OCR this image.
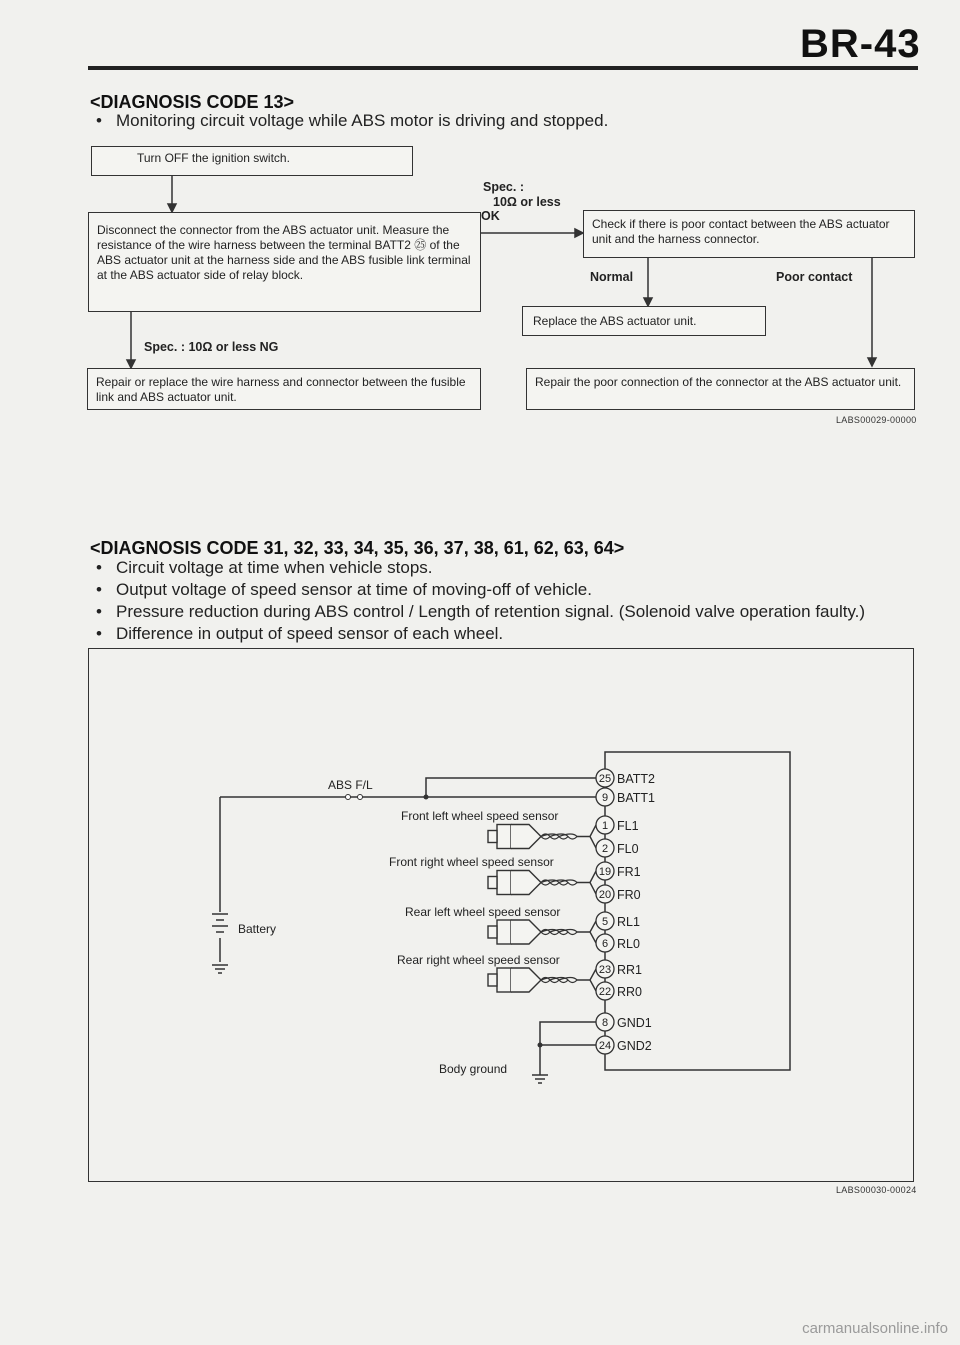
BR-43
<DIAGNOSIS CODE 13>
• Monitoring circuit voltage while ABS motor is driving and stopped.
Turn OFF the ignition switch.
Disconnect the connector from the ABS actuator unit. Measure the resistance of the wire harness between the terminal BATT2 ㉕ of the ABS actuator unit at the harness side and the ABS fusible link terminal at the ABS actuator side of relay block.
Spec. :
10Ω or less
OK
Check if there is poor contact between the ABS actuator unit and the harness connector.
Normal	Poor contact
Replace the ABS actuator unit.
Spec. : 10Ω or less NG
Repair or replace the wire harness and connector between the fusible link and ABS actuator unit.
Repair the poor connection of the connector at the ABS actuator unit.
LABS00029-00000
<DIAGNOSIS CODE 31, 32, 33, 34, 35, 36, 37, 38, 61, 62, 63, 64>
• Circuit voltage at time when vehicle stops.
• Output voltage of speed sensor at time of moving-off of vehicle.
• Pressure reduction during ABS control / Length of retention signal. (Solenoid valve operation faulty.)
• Difference in output of speed sensor of each wheel.
Front left wheel speed sensor
Front right wheel speed sensor
Rear left wheel speed sensor
Rear right wheel speed sensor
25 BATT2
9 BATT1
1 FL1
2 FL0
19 FR1
20 FR0
5 RL1
6 RL0
23 RR1
22 RR0
8 GND1
24 GND2
ABS F/L
Battery
Body ground
LABS00030-00024
carmanualsonline.info
